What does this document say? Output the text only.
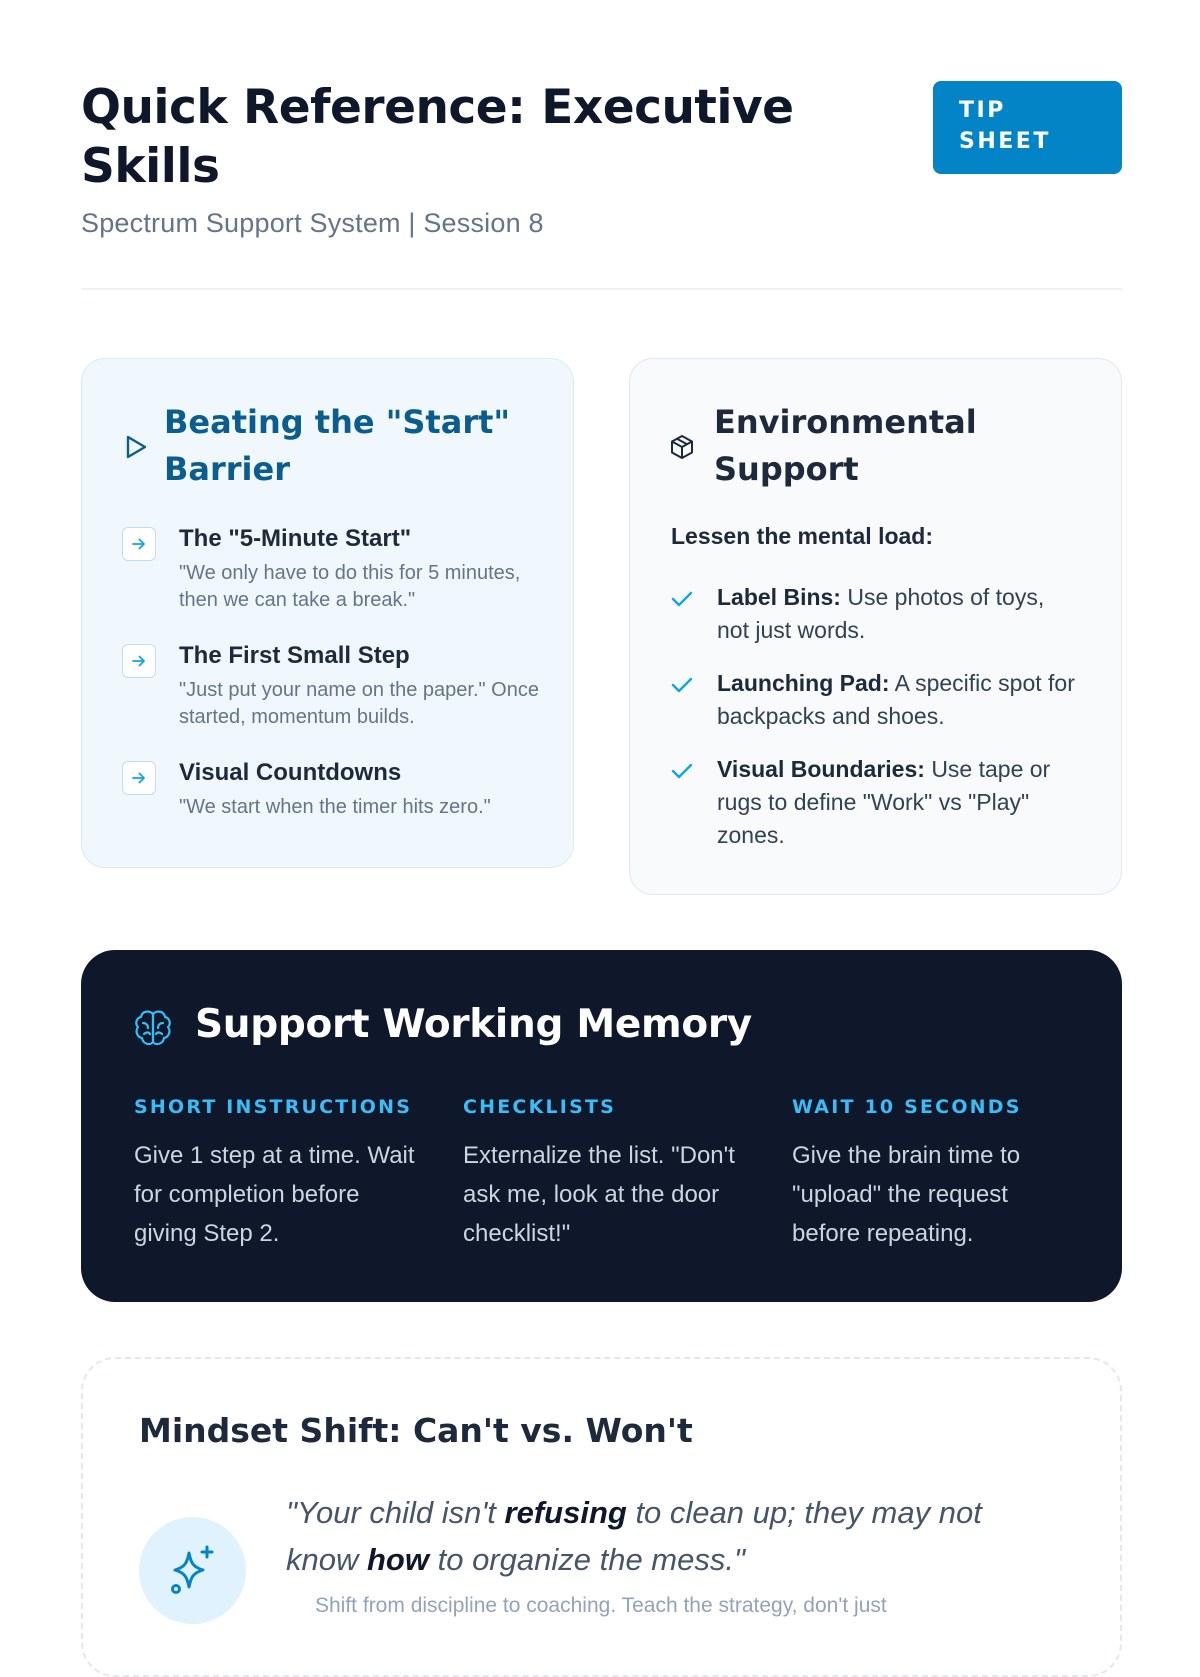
Quick Reference: Executive Skills
Spectrum Support System | Session 8
TIP SHEET
Beating the "Start" Barrier
The "5-Minute Start"
"We only have to do this for 5 minutes, then we can take a break."
The First Small Step
"Just put your name on the paper." Once started, momentum builds.
Visual Countdowns
"We start when the timer hits zero."
Environmental Support
Lessen the mental load:
Label Bins: Use photos of toys, not just words.
Launching Pad: A specific spot for backpacks and shoes.
Visual Boundaries: Use tape or rugs to define "Work" vs "Play" zones.
Support Working Memory
SHORT INSTRUCTIONS

Give 1 step at a time. Wait for completion before giving Step 2.

CHECKLISTS

Externalize the list. "Don't ask me, look at the door checklist!"

WAIT 10 SECONDS

Give the brain time to "upload" the request before repeating.

Mindset Shift: Can't vs. Won't

"Your child isn't refusing to clean up; they may not know how to organize the mess."

Shift from discipline to coaching. Teach the strategy, don't just
